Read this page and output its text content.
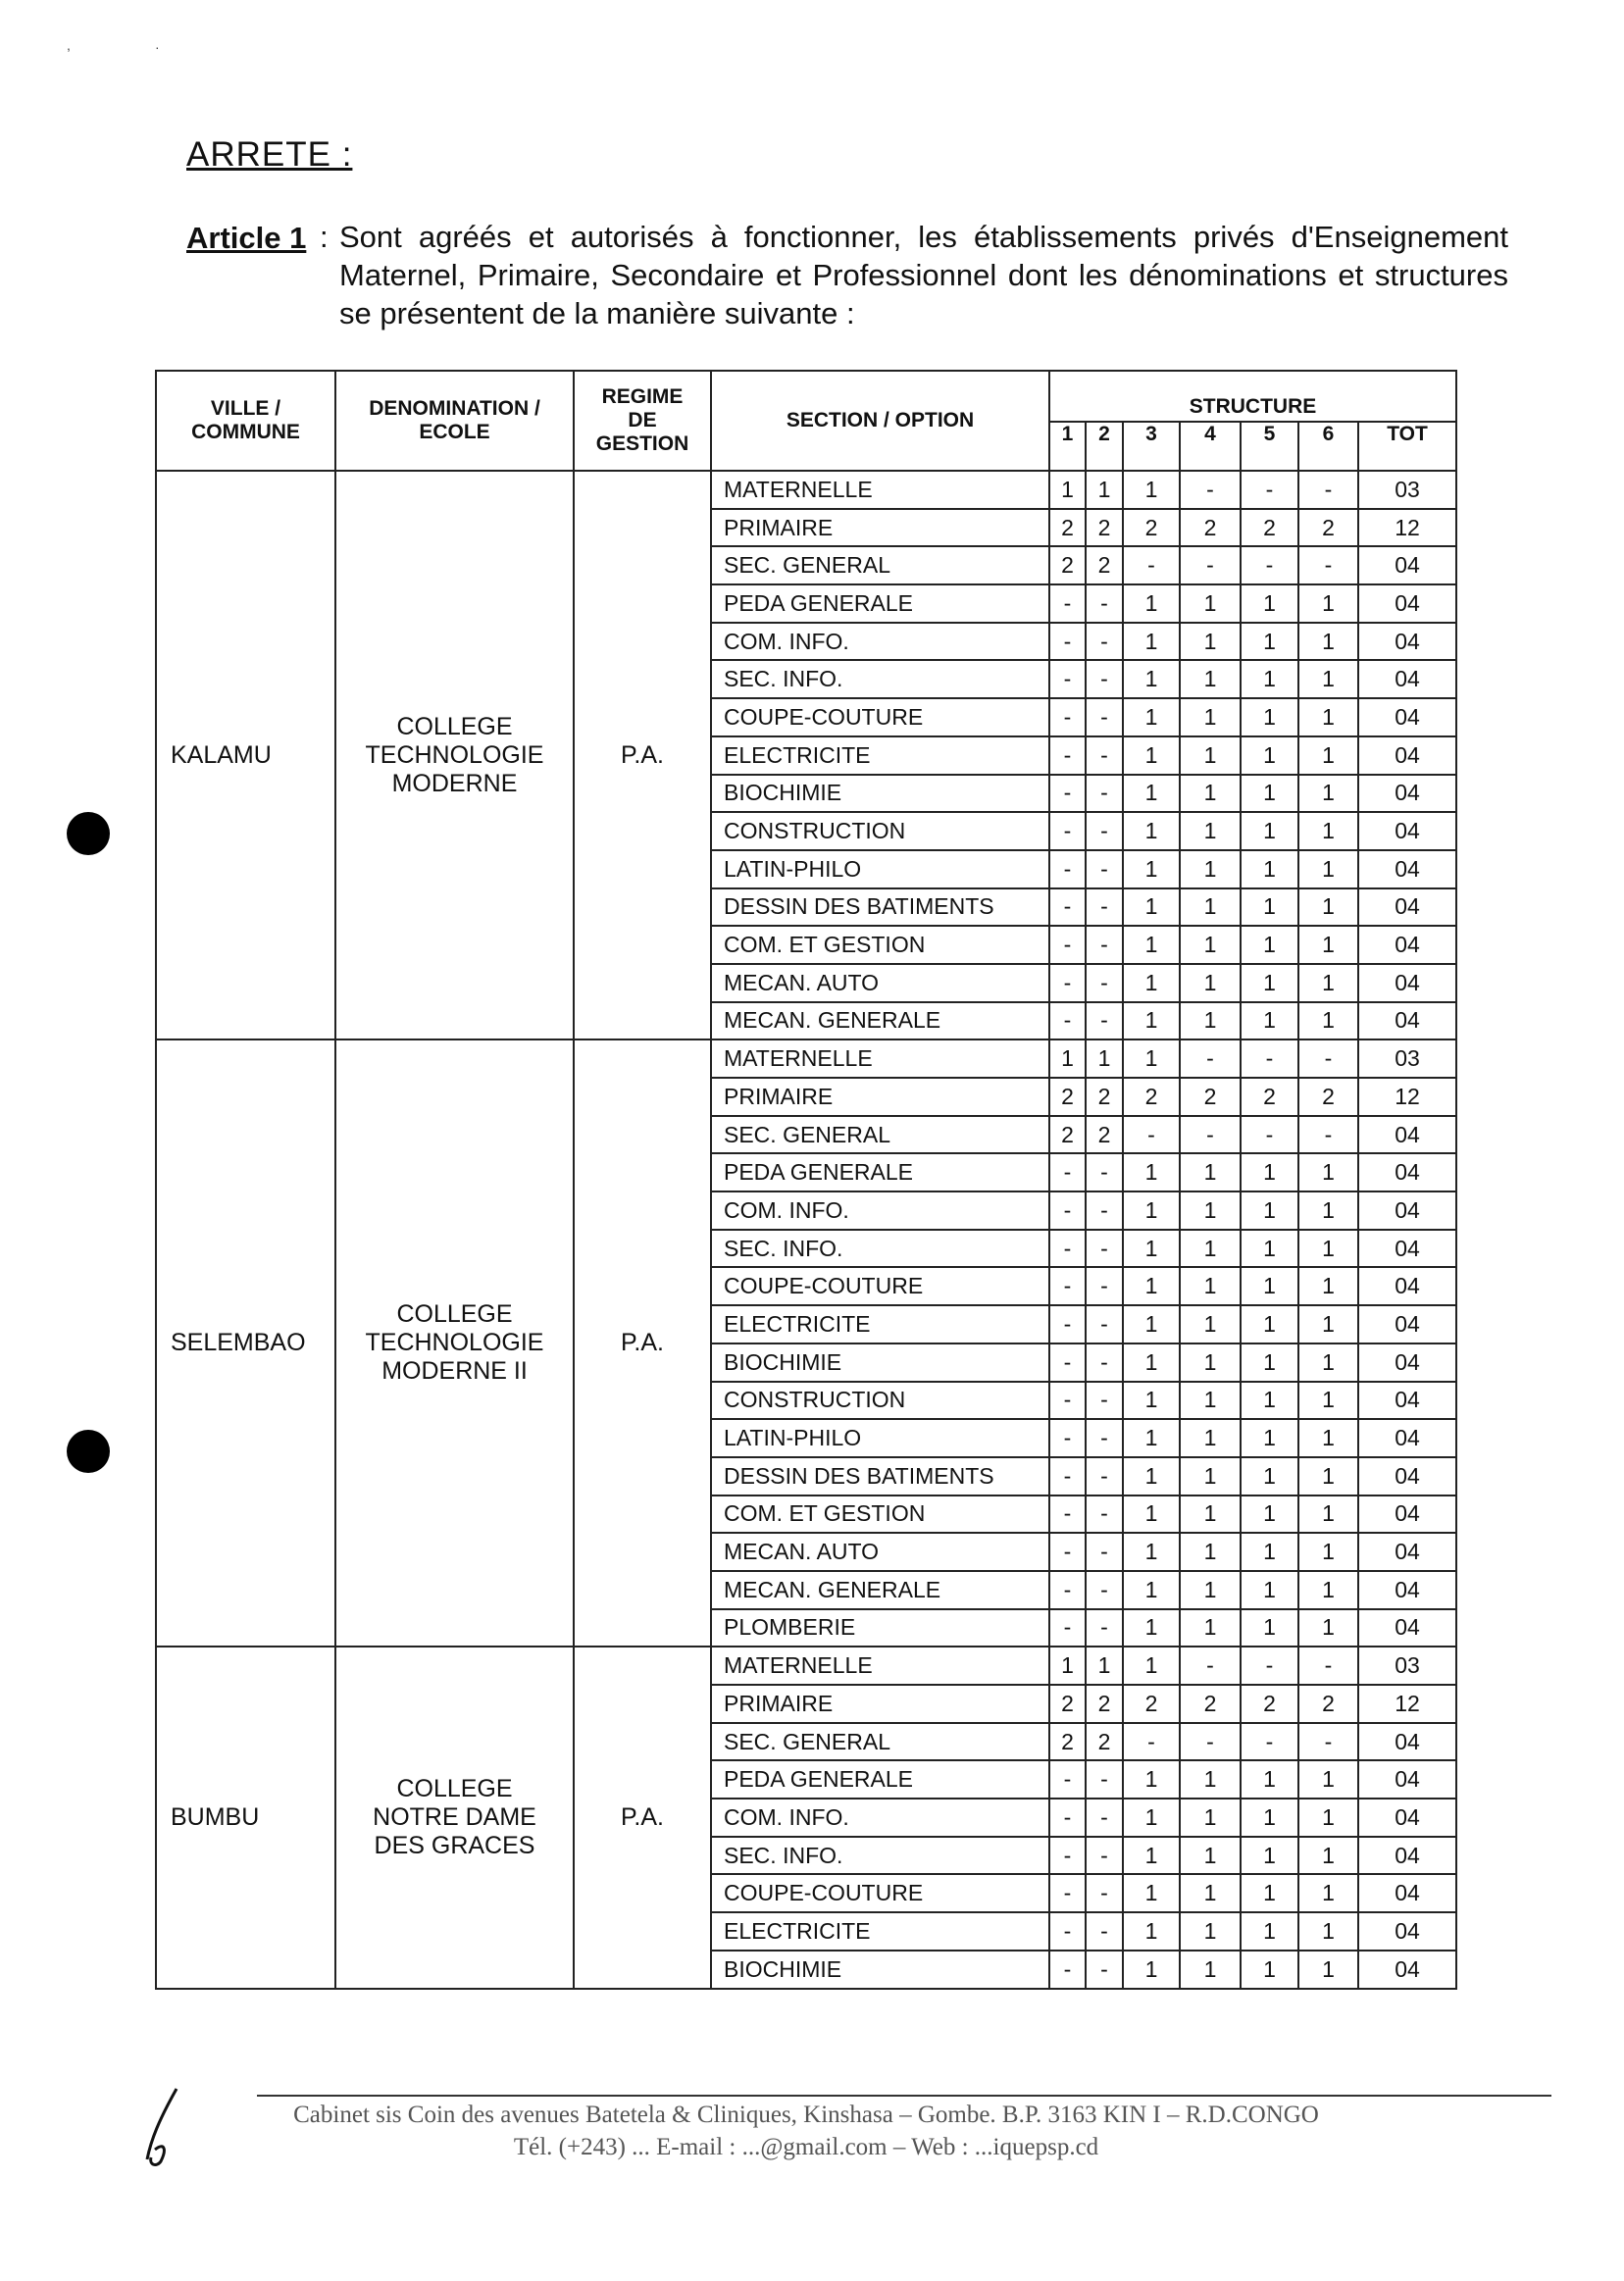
,	·
ARRETE :
Article 1 : Sont agréés et autorisés à fonctionner, les établissements privés d'Enseignement Maternel, Primaire, Secondaire et Professionnel dont les dénominations et structures se présentent de la manière suivante :
VILLE / COMMUNE	DENOMINATION / ECOLE	REGIME DE GESTION	SECTION / OPTION	STRUCTURE						
				1	2	3	4	5	6	TOT
KALAMU	COLLEGE TECHNOLOGIE MODERNE	P.A.	MATERNELLE	1	1	1	-	-	-	03
			PRIMAIRE	2	2	2	2	2	2	12
			SEC. GENERAL	2	2	-	-	-	-	04
			PEDA GENERALE	-	-	1	1	1	1	04
			COM. INFO.	-	-	1	1	1	1	04
			SEC. INFO.	-	-	1	1	1	1	04
			COUPE-COUTURE	-	-	1	1	1	1	04
			ELECTRICITE	-	-	1	1	1	1	04
			BIOCHIMIE	-	-	1	1	1	1	04
			CONSTRUCTION	-	-	1	1	1	1	04
			LATIN-PHILO	-	-	1	1	1	1	04
			DESSIN DES BATIMENTS	-	-	1	1	1	1	04
			COM. ET GESTION	-	-	1	1	1	1	04
			MECAN. AUTO	-	-	1	1	1	1	04
			MECAN. GENERALE	-	-	1	1	1	1	04
SELEMBAO	COLLEGE TECHNOLOGIE MODERNE II	P.A.	MATERNELLE	1	1	1	-	-	-	03
			PRIMAIRE	2	2	2	2	2	2	12
			SEC. GENERAL	2	2	-	-	-	-	04
			PEDA GENERALE	-	-	1	1	1	1	04
			COM. INFO.	-	-	1	1	1	1	04
			SEC. INFO.	-	-	1	1	1	1	04
			COUPE-COUTURE	-	-	1	1	1	1	04
			ELECTRICITE	-	-	1	1	1	1	04
			BIOCHIMIE	-	-	1	1	1	1	04
			CONSTRUCTION	-	-	1	1	1	1	04
			LATIN-PHILO	-	-	1	1	1	1	04
			DESSIN DES BATIMENTS	-	-	1	1	1	1	04
			COM. ET GESTION	-	-	1	1	1	1	04
			MECAN. AUTO	-	-	1	1	1	1	04
			MECAN. GENERALE	-	-	1	1	1	1	04
			PLOMBERIE	-	-	1	1	1	1	04
BUMBU	COLLEGE NOTRE DAME DES GRACES	P.A.	MATERNELLE	1	1	1	-	-	-	03
			PRIMAIRE	2	2	2	2	2	2	12
			SEC. GENERAL	2	2	-	-	-	-	04
			PEDA GENERALE	-	-	1	1	1	1	04
			COM. INFO.	-	-	1	1	1	1	04
			SEC. INFO.	-	-	1	1	1	1	04
			COUPE-COUTURE	-	-	1	1	1	1	04
			ELECTRICITE	-	-	1	1	1	1	04
			BIOCHIMIE	-	-	1	1	1	1	04
Cabinet sis Coin des avenues Batetela & Cliniques, Kinshasa – Gombe. B.P. 3163 KIN I – R.D.CONGO
Tél. (+243) ... E-mail : ...@gmail.com – Web : ...iquepsp.cd
